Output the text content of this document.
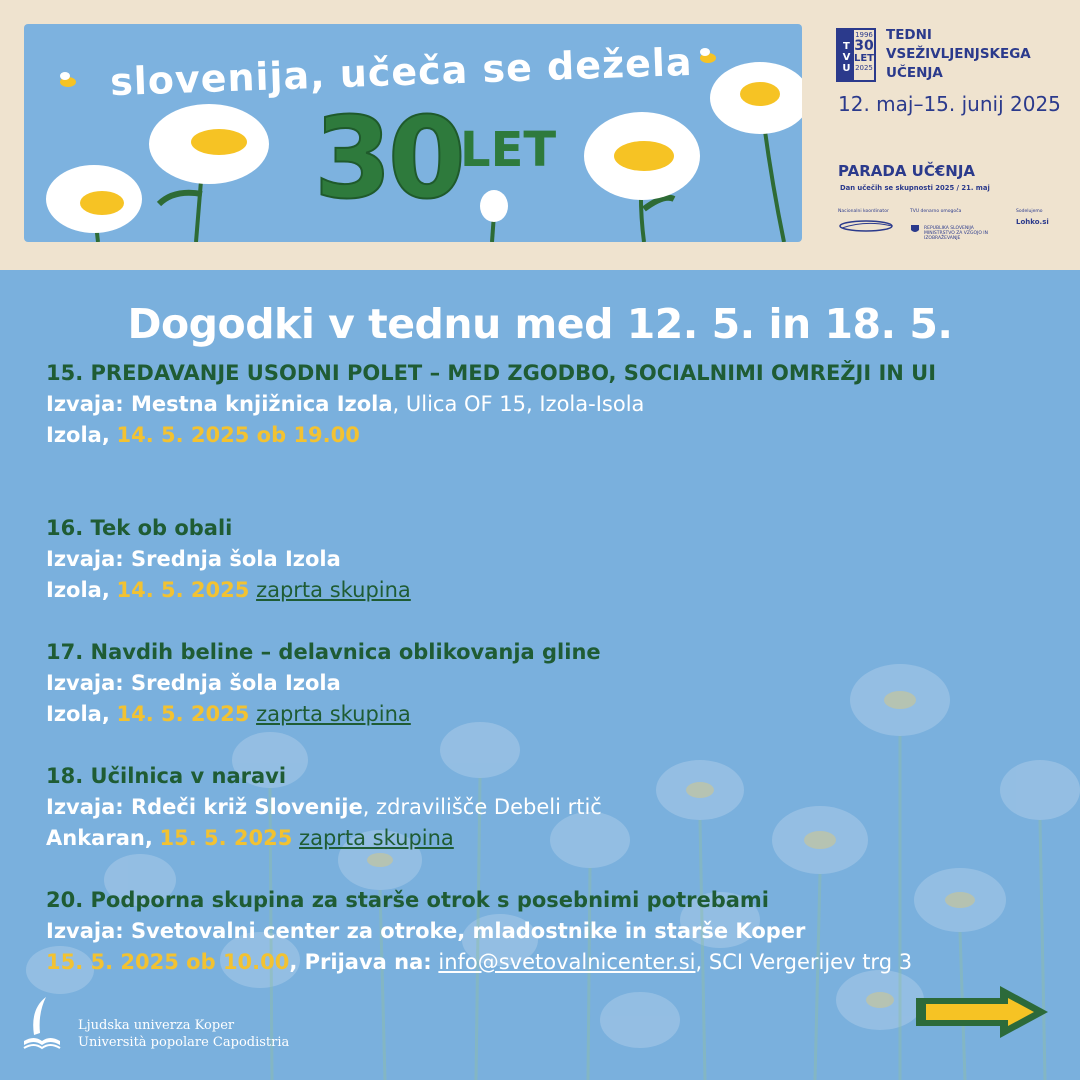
slovenija, učeča se dežela
30
LET
TVU
1996
30
LET
2025
TEDNI
VSEŽIVLJENJSKEGA
UČENJA
12. maj–15. junij 2025
PARADA UČ€NJA
Dan učečih se skupnosti 2025 / 21. maj
Nacionalni koordinator	TVU denarno omogoča	Sodelujemo
REPUBLIKA SLOVENIJA MINISTRSTVO ZA VZGOJO IN IZOBRAŽEVANJE
Lohko.si
Dogodki v tednu med 12. 5. in 18. 5.
15. PREDAVANJE USODNI POLET – MED ZGODBO, SOCIALNIMI OMREŽJI IN UI
Izvaja: Mestna knjižnica Izola, Ulica OF 15, Izola-Isola
Izola, 14. 5. 2025 ob 19.00
16. Tek ob obali
Izvaja: Srednja šola Izola
Izola, 14. 5. 2025 zaprta skupina
17. Navdih beline – delavnica oblikovanja gline
Izvaja: Srednja šola Izola
Izola, 14. 5. 2025 zaprta skupina
18. Učilnica v naravi
Izvaja: Rdeči križ Slovenije, zdravilišče Debeli rtič
Ankaran, 15. 5. 2025 zaprta skupina
20. Podporna skupina za starše otrok s posebnimi potrebami
Izvaja: Svetovalni center za otroke, mladostnike in starše Koper
15. 5. 2025 ob 10.00, Prijava na: info@svetovalnicenter.si, SCI Vergerijev trg 3
Ljudska univerza Koper
Università popolare Capodistria
